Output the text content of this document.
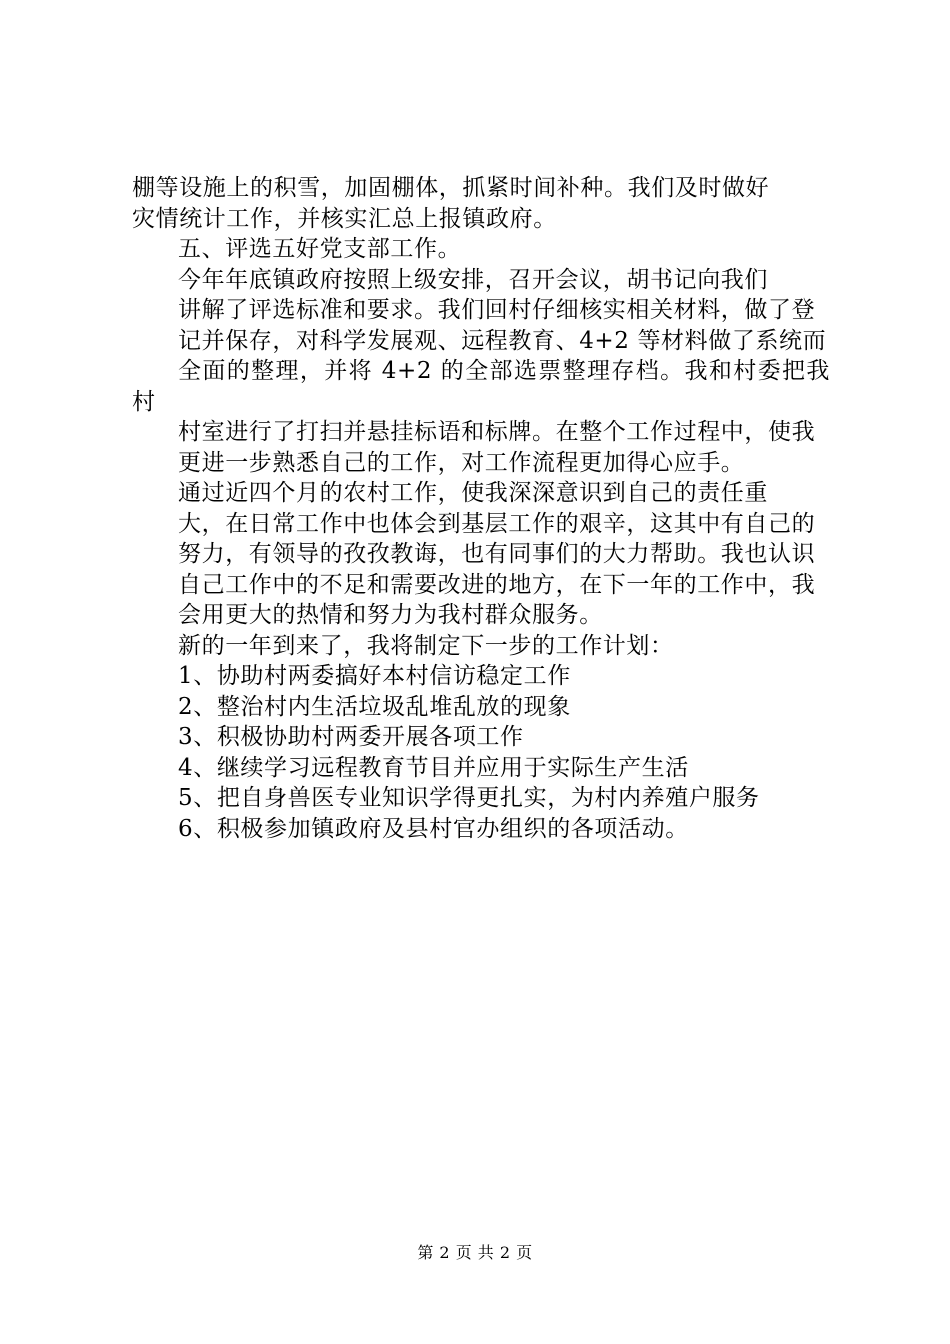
棚等设施上的积雪，加固棚体，抓紧时间补种。我们及时做好
灾情统计工作，并核实汇总上报镇政府。

五、评选五好党支部工作。

今年年底镇政府按照上级安排，召开会议，胡书记向我们
讲解了评选标准和要求。我们回村仔细核实相关材料，做了登
记并保存，对科学发展观、远程教育、4+2 等材料做了系统而
全面的整理，并将 4+2 的全部选票整理存档。我和村委把我村
村室进行了打扫并悬挂标语和标牌。在整个工作过程中，使我
更进一步熟悉自己的工作，对工作流程更加得心应手。

通过近四个月的农村工作，使我深深意识到自己的责任重
大，在日常工作中也体会到基层工作的艰辛，这其中有自己的
努力，有领导的孜孜教诲，也有同事们的大力帮助。我也认识
自己工作中的不足和需要改进的地方，在下一年的工作中，我
会用更大的热情和努力为我村群众服务。

新的一年到来了，我将制定下一步的工作计划：

1、协助村两委搞好本村信访稳定工作

2、整治村内生活垃圾乱堆乱放的现象

3、积极协助村两委开展各项工作

4、继续学习远程教育节目并应用于实际生产生活

5、把自身兽医专业知识学得更扎实，为村内养殖户服务

6、积极参加镇政府及县村官办组织的各项活动。

第 2 页 共 2 页
